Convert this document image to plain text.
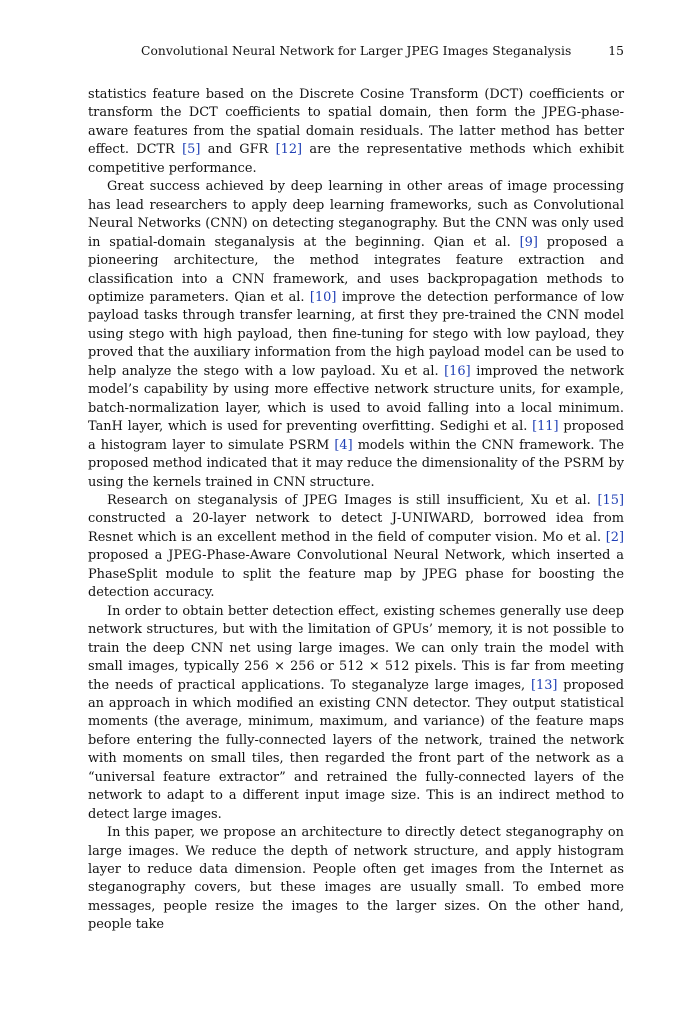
Convolutional Neural Network for Larger JPEG Images Steganalysis	15

statistics feature based on the Discrete Cosine Transform (DCT) coefficients or transform the DCT coefficients to spatial domain, then form the JPEG-phase-aware features from the spatial domain residuals. The latter method has better effect. DCTR [5] and GFR [12] are the representative methods which exhibit competitive performance.

Great success achieved by deep learning in other areas of image processing has lead researchers to apply deep learning frameworks, such as Convolutional Neural Networks (CNN) on detecting steganography. But the CNN was only used in spatial-domain steganalysis at the beginning. Qian et al. [9] proposed a pioneering architecture, the method integrates feature extraction and classification into a CNN framework, and uses backpropagation methods to optimize parameters. Qian et al. [10] improve the detection performance of low payload tasks through transfer learning, at first they pre-trained the CNN model using stego with high payload, then fine-tuning for stego with low payload, they proved that the auxiliary information from the high payload model can be used to help analyze the stego with a low payload. Xu et al. [16] improved the network model’s capability by using more effective network structure units, for example, batch-normalization layer, which is used to avoid falling into a local minimum. TanH layer, which is used for preventing overfitting. Sedighi et al. [11] proposed a histogram layer to simulate PSRM [4] models within the CNN framework. The proposed method indicated that it may reduce the dimensionality of the PSRM by using the kernels trained in CNN structure.

Research on steganalysis of JPEG Images is still insufficient, Xu et al. [15] constructed a 20-layer network to detect J-UNIWARD, borrowed idea from Resnet which is an excellent method in the field of computer vision. Mo et al. [2] proposed a JPEG-Phase-Aware Convolutional Neural Network, which inserted a PhaseSplit module to split the feature map by JPEG phase for boosting the detection accuracy.

In order to obtain better detection effect, existing schemes generally use deep network structures, but with the limitation of GPUs’ memory, it is not possible to train the deep CNN net using large images. We can only train the model with small images, typically 256 × 256 or 512 × 512 pixels. This is far from meeting the needs of practical applications. To steganalyze large images, [13] proposed an approach in which modified an existing CNN detector. They output statistical moments (the average, minimum, maximum, and variance) of the feature maps before entering the fully-connected layers of the network, trained the network with moments on small tiles, then regarded the front part of the network as a “universal feature extractor” and retrained the fully-connected layers of the network to adapt to a different input image size. This is an indirect method to detect large images.

In this paper, we propose an architecture to directly detect steganography on large images. We reduce the depth of network structure, and apply histogram layer to reduce data dimension. People often get images from the Internet as steganography covers, but these images are usually small. To embed more messages, people resize the images to the larger sizes. On the other hand, people take
